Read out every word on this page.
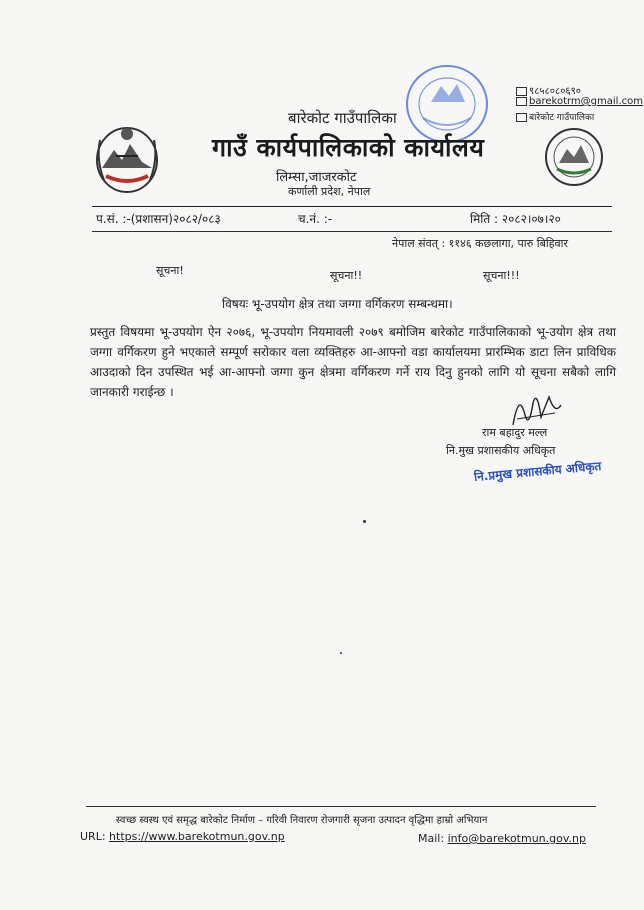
बारेकोट गाउँपालिका
गाउँ कार्यपालिकाको कार्यालय
लिम्सा,जाजरकोट
कर्णाली प्रदेश, नेपाल
९८५८०८०६९०
barekotrm@gmail.com
बारेकोट गाउँपालिका
प.सं. :-(प्रशासन)२०८२/०८३	च.नं. :-	मिति : २०८२।०७।२०
नेपाल संवत् : ११४६ कछलागा, पारु बिहिवार
सूचना!	सूचना!!	सूचना!!!
विषयः भू-उपयोग क्षेत्र तथा जग्गा वर्गिकरण सम्बन्धमा।
प्रस्तुत विषयमा भू-उपयोग ऐन २०७६, भू-उपयोग नियमावली २०७९ बमोजिम बारेकोट गाउँपालिकाको भू-उयोग क्षेत्र तथा जग्गा वर्गिकरण हुने भएकाले सम्पूर्ण सरोकार वला व्यक्तिहरु आ-आफ्नो वडा कार्यालयमा प्रारम्भिक डाटा लिन प्राविधिक आउदाको दिन उपस्थित भई आ-आफ्नो जग्गा कुन क्षेत्रमा वर्गिकरण गर्ने राय दिनु हुनको लागि यो सूचना सबैको लागि जानकारी गराईन्छ ।
राम बहादुर मल्ल
नि.मुख प्रशासकीय अधिकृत
नि.प्रमुख प्रशासकीय अधिकृत
स्वच्छ स्वस्थ एवं समृद्ध बारेकोट निर्माण – गरिवी निवारण रोजगारी सृजना उत्पादन वृद्धिमा हाम्रो अभियान
URL: https://www.barekotmun.gov.np	Mail: info@barekotmun.gov.np
